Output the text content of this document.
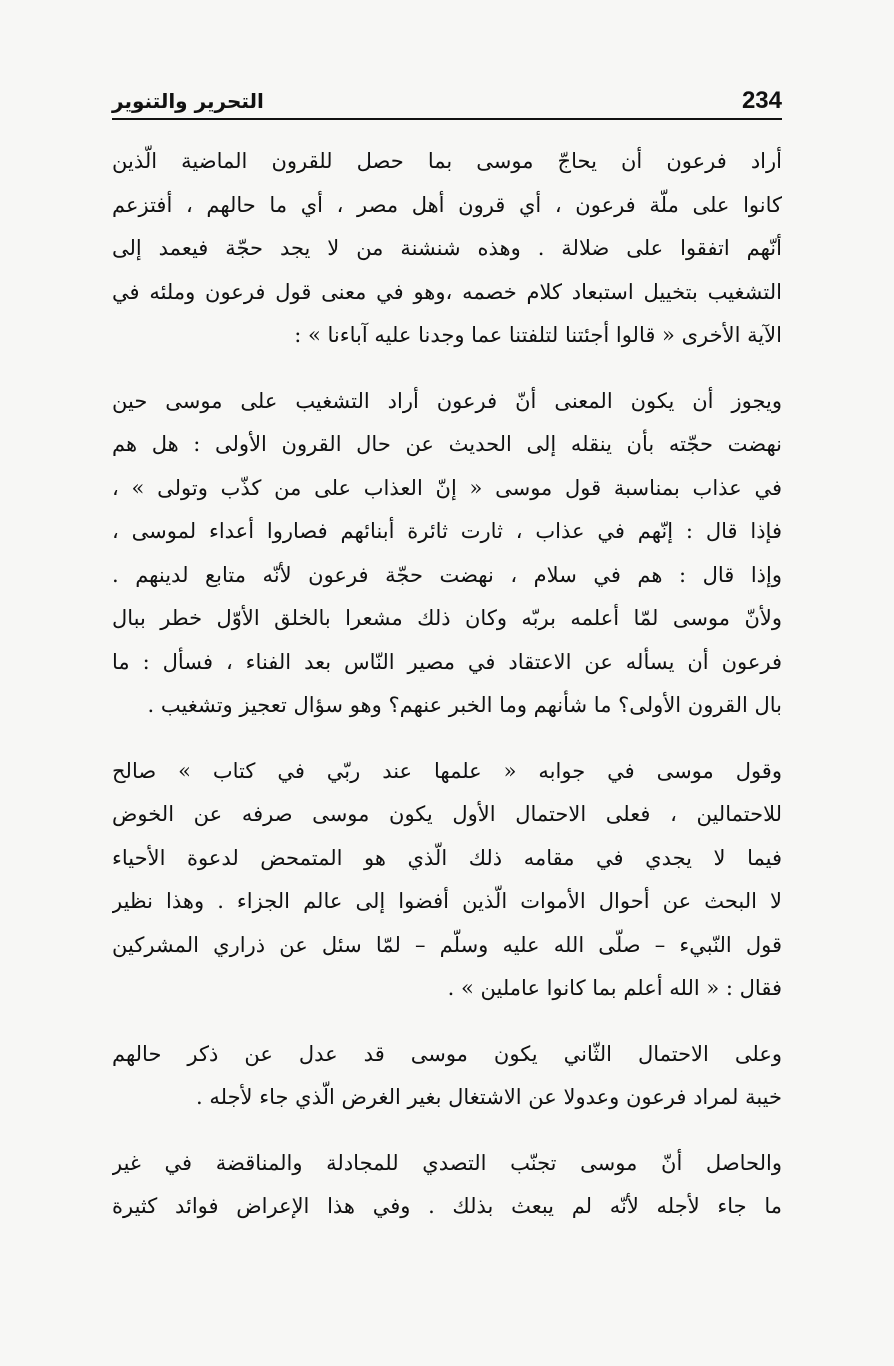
التحرير والتنوير	234
أراد فرعون أن يحاجّ موسى بما حصل للقرون الماضية الّذين
كانوا على ملّة فرعون ، أي قرون أهل مصر ، أي ما حالهم ، أفتزعم
أنّهم اتفقوا على ضلالة . وهذه شنشنة من لا يجد حجّة فيعمد إلى
التشغيب بتخييل استبعاد كلام خصمه ،وهو في معنى قول فرعون وملئه في
الآية الأخرى « قالوا أجئتنا لتلفتنا عما وجدنا عليه آباءنا » :
ويجوز أن يكون المعنى أنّ فرعون أراد التشغيب على موسى حين
نهضت حجّته بأن ينقله إلى الحديث عن حال القرون الأولى : هل هم
في عذاب بمناسبة قول موسى « إنّ العذاب على من كذّب وتولى » ،
فإذا قال : إنّهم في عذاب ، ثارت ثائرة أبنائهم فصاروا أعداء لموسى ،
وإذا قال : هم في سلام ، نهضت حجّة فرعون لأنّه متابع لدينهم .
ولأنّ موسى لمّا أعلمه بربّه وكان ذلك مشعرا بالخلق الأوّل خطر ببال
فرعون أن يسأله عن الاعتقاد في مصير النّاس بعد الفناء ، فسأل : ما
بال القرون الأولى؟ ما شأنهم وما الخبر عنهم؟ وهو سؤال تعجيز وتشغيب .
وقول موسى في جوابه « علمها عند ربّي في كتاب » صالح
للاحتمالين ، فعلى الاحتمال الأول يكون موسى صرفه عن الخوض
فيما لا يجدي في مقامه ذلك الّذي هو المتمحض لدعوة الأحياء
لا البحث عن أحوال الأموات الّذين أفضوا إلى عالم الجزاء . وهذا نظير
قول النّبيء – صلّى الله عليه وسلّم – لمّا سئل عن ذراري المشركين
فقال : « الله أعلم بما كانوا عاملين » .
وعلى الاحتمال الثّاني يكون موسى قد عدل عن ذكر حالهم
خيبة لمراد فرعون وعدولا عن الاشتغال بغير الغرض الّذي جاء لأجله .
والحاصل أنّ موسى تجنّب التصدي للمجادلة والمناقضة في غير
ما جاء لأجله لأنّه لم يبعث بذلك . وفي هذا الإعراض فوائد كثيرة
